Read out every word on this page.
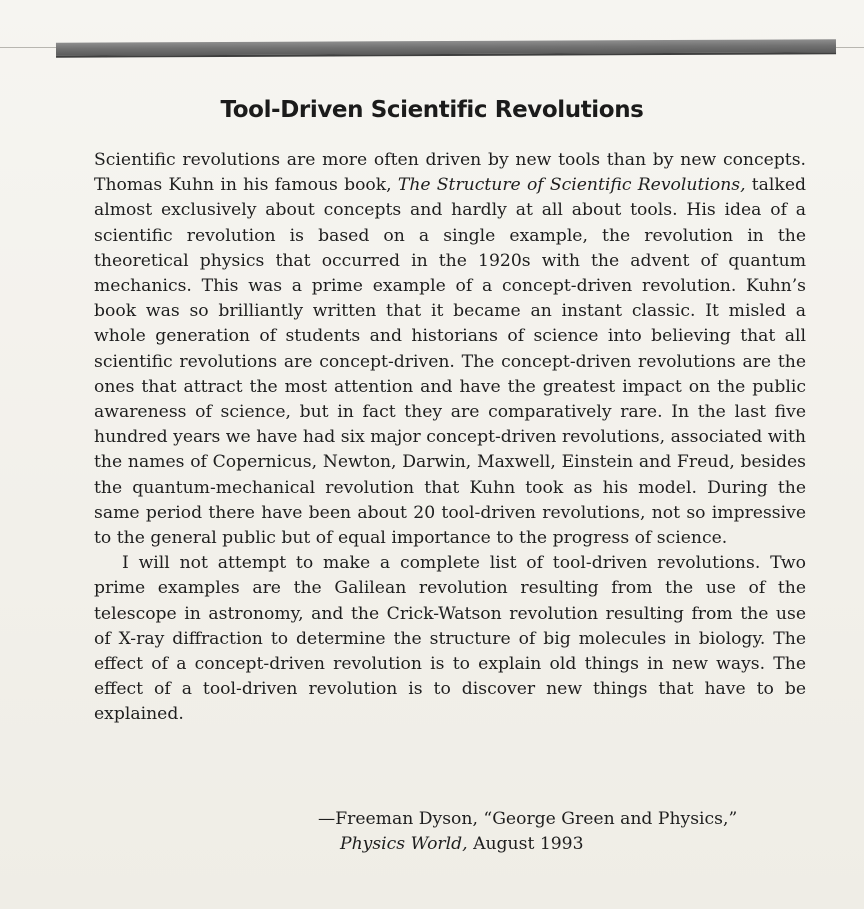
Tool-Driven Scientific Revolutions

Scientific revolutions are more often driven by new tools than by new concepts. Thomas Kuhn in his famous book, The Structure of Scientific Revolutions, talked almost exclusively about concepts and hardly at all about tools. His idea of a scientific revolution is based on a single example, the revolution in the theoretical physics that occurred in the 1920s with the advent of quantum mechanics. This was a prime example of a concept-driven revolution. Kuhn’s book was so brilliantly written that it became an instant classic. It misled a whole generation of students and historians of science into believing that all scientific revolutions are concept-driven. The concept-driven revolutions are the ones that attract the most attention and have the greatest impact on the public awareness of science, but in fact they are comparatively rare. In the last five hundred years we have had six major concept-driven revolutions, associated with the names of Copernicus, Newton, Darwin, Maxwell, Einstein and Freud, besides the quantum-mechanical revolution that Kuhn took as his model. During the same period there have been about 20 tool-driven revolutions, not so impressive to the general public but of equal importance to the progress of science.

I will not attempt to make a complete list of tool-driven revolutions. Two prime examples are the Galilean revolution resulting from the use of the telescope in astronomy, and the Crick-Watson revolution resulting from the use of X-ray diffraction to determine the structure of big molecules in biology. The effect of a concept-driven revolution is to explain old things in new ways. The effect of a tool-driven revolution is to discover new things that have to be explained.

—Freeman Dyson, “George Green and Physics,”
Physics World, August 1993
